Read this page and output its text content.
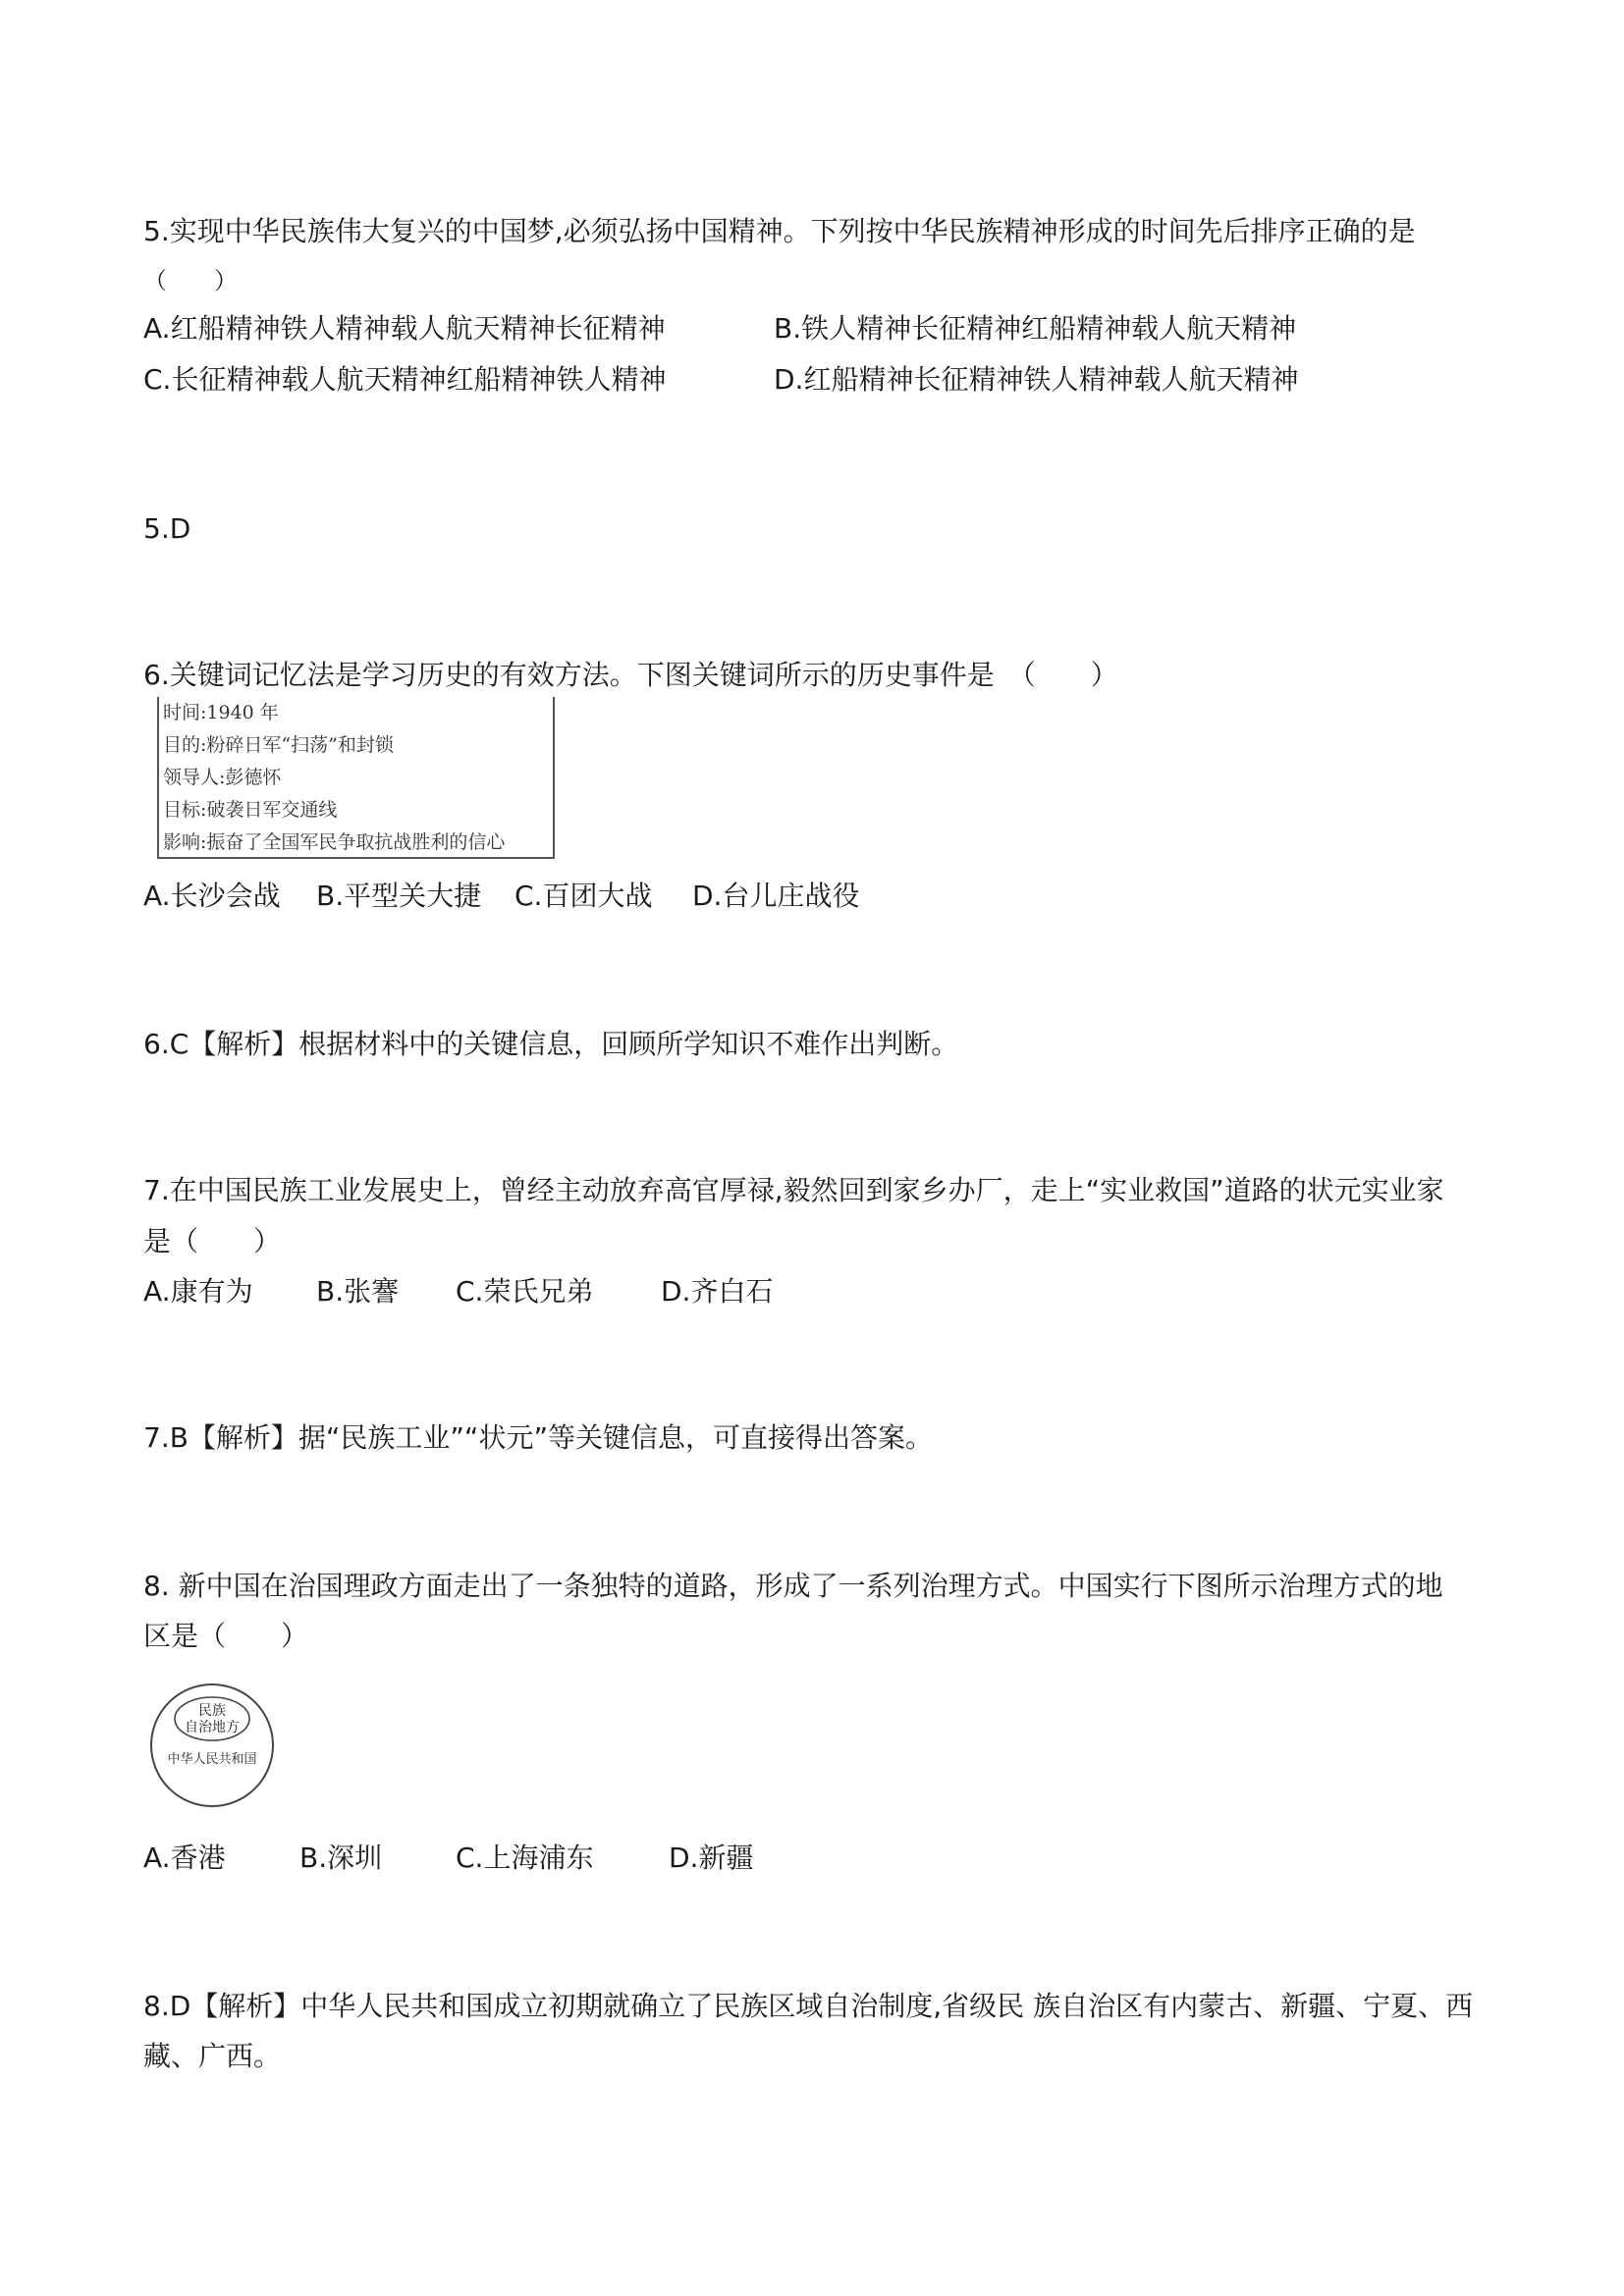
5.实现中华民族伟大复兴的中国梦,必须弘扬中国精神。下列按中华民族精神形成的时间先后排序正确的是
（　　）
A.红船精神铁人精神载人航天精神长征精神	B.铁人精神长征精神红船精神载人航天精神
C.长征精神载人航天精神红船精神铁人精神	D.红船精神长征精神铁人精神载人航天精神
5.D
6.关键词记忆法是学习历史的有效方法。下图关键词所示的历史事件是　（　　）
时间:1940 年
目的:粉碎日军“扫荡”和封锁
领导人:彭德怀
目标:破袭日军交通线
影响:振奋了全国军民争取抗战胜利的信心
A.长沙会战 B.平型关大捷 C.百团大战 D.台儿庄战役
6.C【解析】根据材料中的关键信息，回顾所学知识不难作出判断。
7.在中国民族工业发展史上，曾经主动放弃高官厚禄,毅然回到家乡办厂，走上“实业救国”道路的状元实业家
是（　　）
A.康有为 B.张謇 C.荣氏兄弟 D.齐白石
7.B【解析】据“民族工业”“状元”等关键信息，可直接得出答案。
8. 新中国在治国理政方面走出了一条独特的道路，形成了一系列治理方式。中国实行下图所示治理方式的地
区是（　　）
民族
自治地方
中华人民共和国
A.香港	B.深圳	C.上海浦东	D.新疆
8.D【解析】中华人民共和国成立初期就确立了民族区域自治制度,省级民 族自治区有内蒙古、新疆、宁夏、西
藏、广西。
